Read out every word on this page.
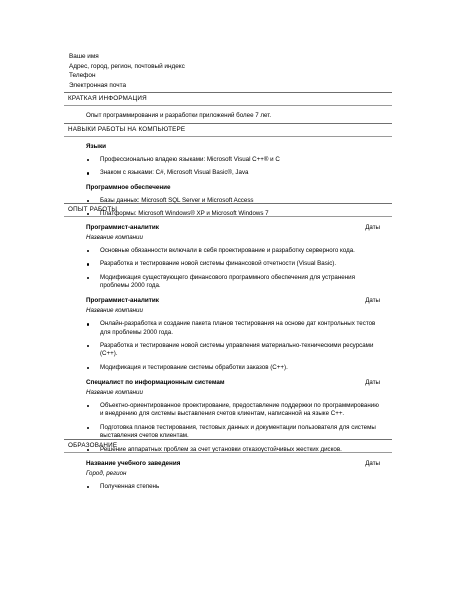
Ваше имя
Адрес, город, регион, почтовый индекс
Телефон
Электронная почта
КРАТКАЯ ИНФОРМАЦИЯ
Опыт программирования и разработки приложений более 7 лет.
НАВЫКИ РАБОТЫ НА КОМПЬЮТЕРЕ
Языки
Профессионально владею языками: Microsoft Visual C++® и C
Знаком с языками: C#, Microsoft Visual Basic®, Java
Программное обеспечение
Базы данных: Microsoft SQL Server и Microsoft Access
Платформы: Microsoft Windows® XP и Microsoft Windows 7
ОПЫТ РАБОТЫ
Программист-аналитик	Даты
Название компании
Основные обязанности включали в себя проектирование и разработку серверного кода.
Разработка и тестирование новой системы финансовой отчетности (Visual Basic).
Модификация существующего финансового программного обеспечения для устранения проблемы 2000 года.
Программист-аналитик	Даты
Название компании
Онлайн-разработка и создание пакета планов тестирования на основе дат контрольных тестов для проблемы 2000 года.
Разработка и тестирование новой системы управления материально-техническими ресурсами (C++).
Модификация и тестирование системы обработки заказов (C++).
Специалист по информационным системам	Даты
Название компании
Объектно-ориентированное проектирование, предоставление поддержки по программированию и внедрению для системы выставления счетов клиентам, написанной на языке C++.
Подготовка планов тестирования, тестовых данных и документации пользователя для системы выставления счетов клиентам.
Решение аппаратных проблем за счет установки отказоустойчивых жестких дисков.
ОБРАЗОВАНИЕ
Название учебного заведения	Даты
Город, регион
Полученная степень
